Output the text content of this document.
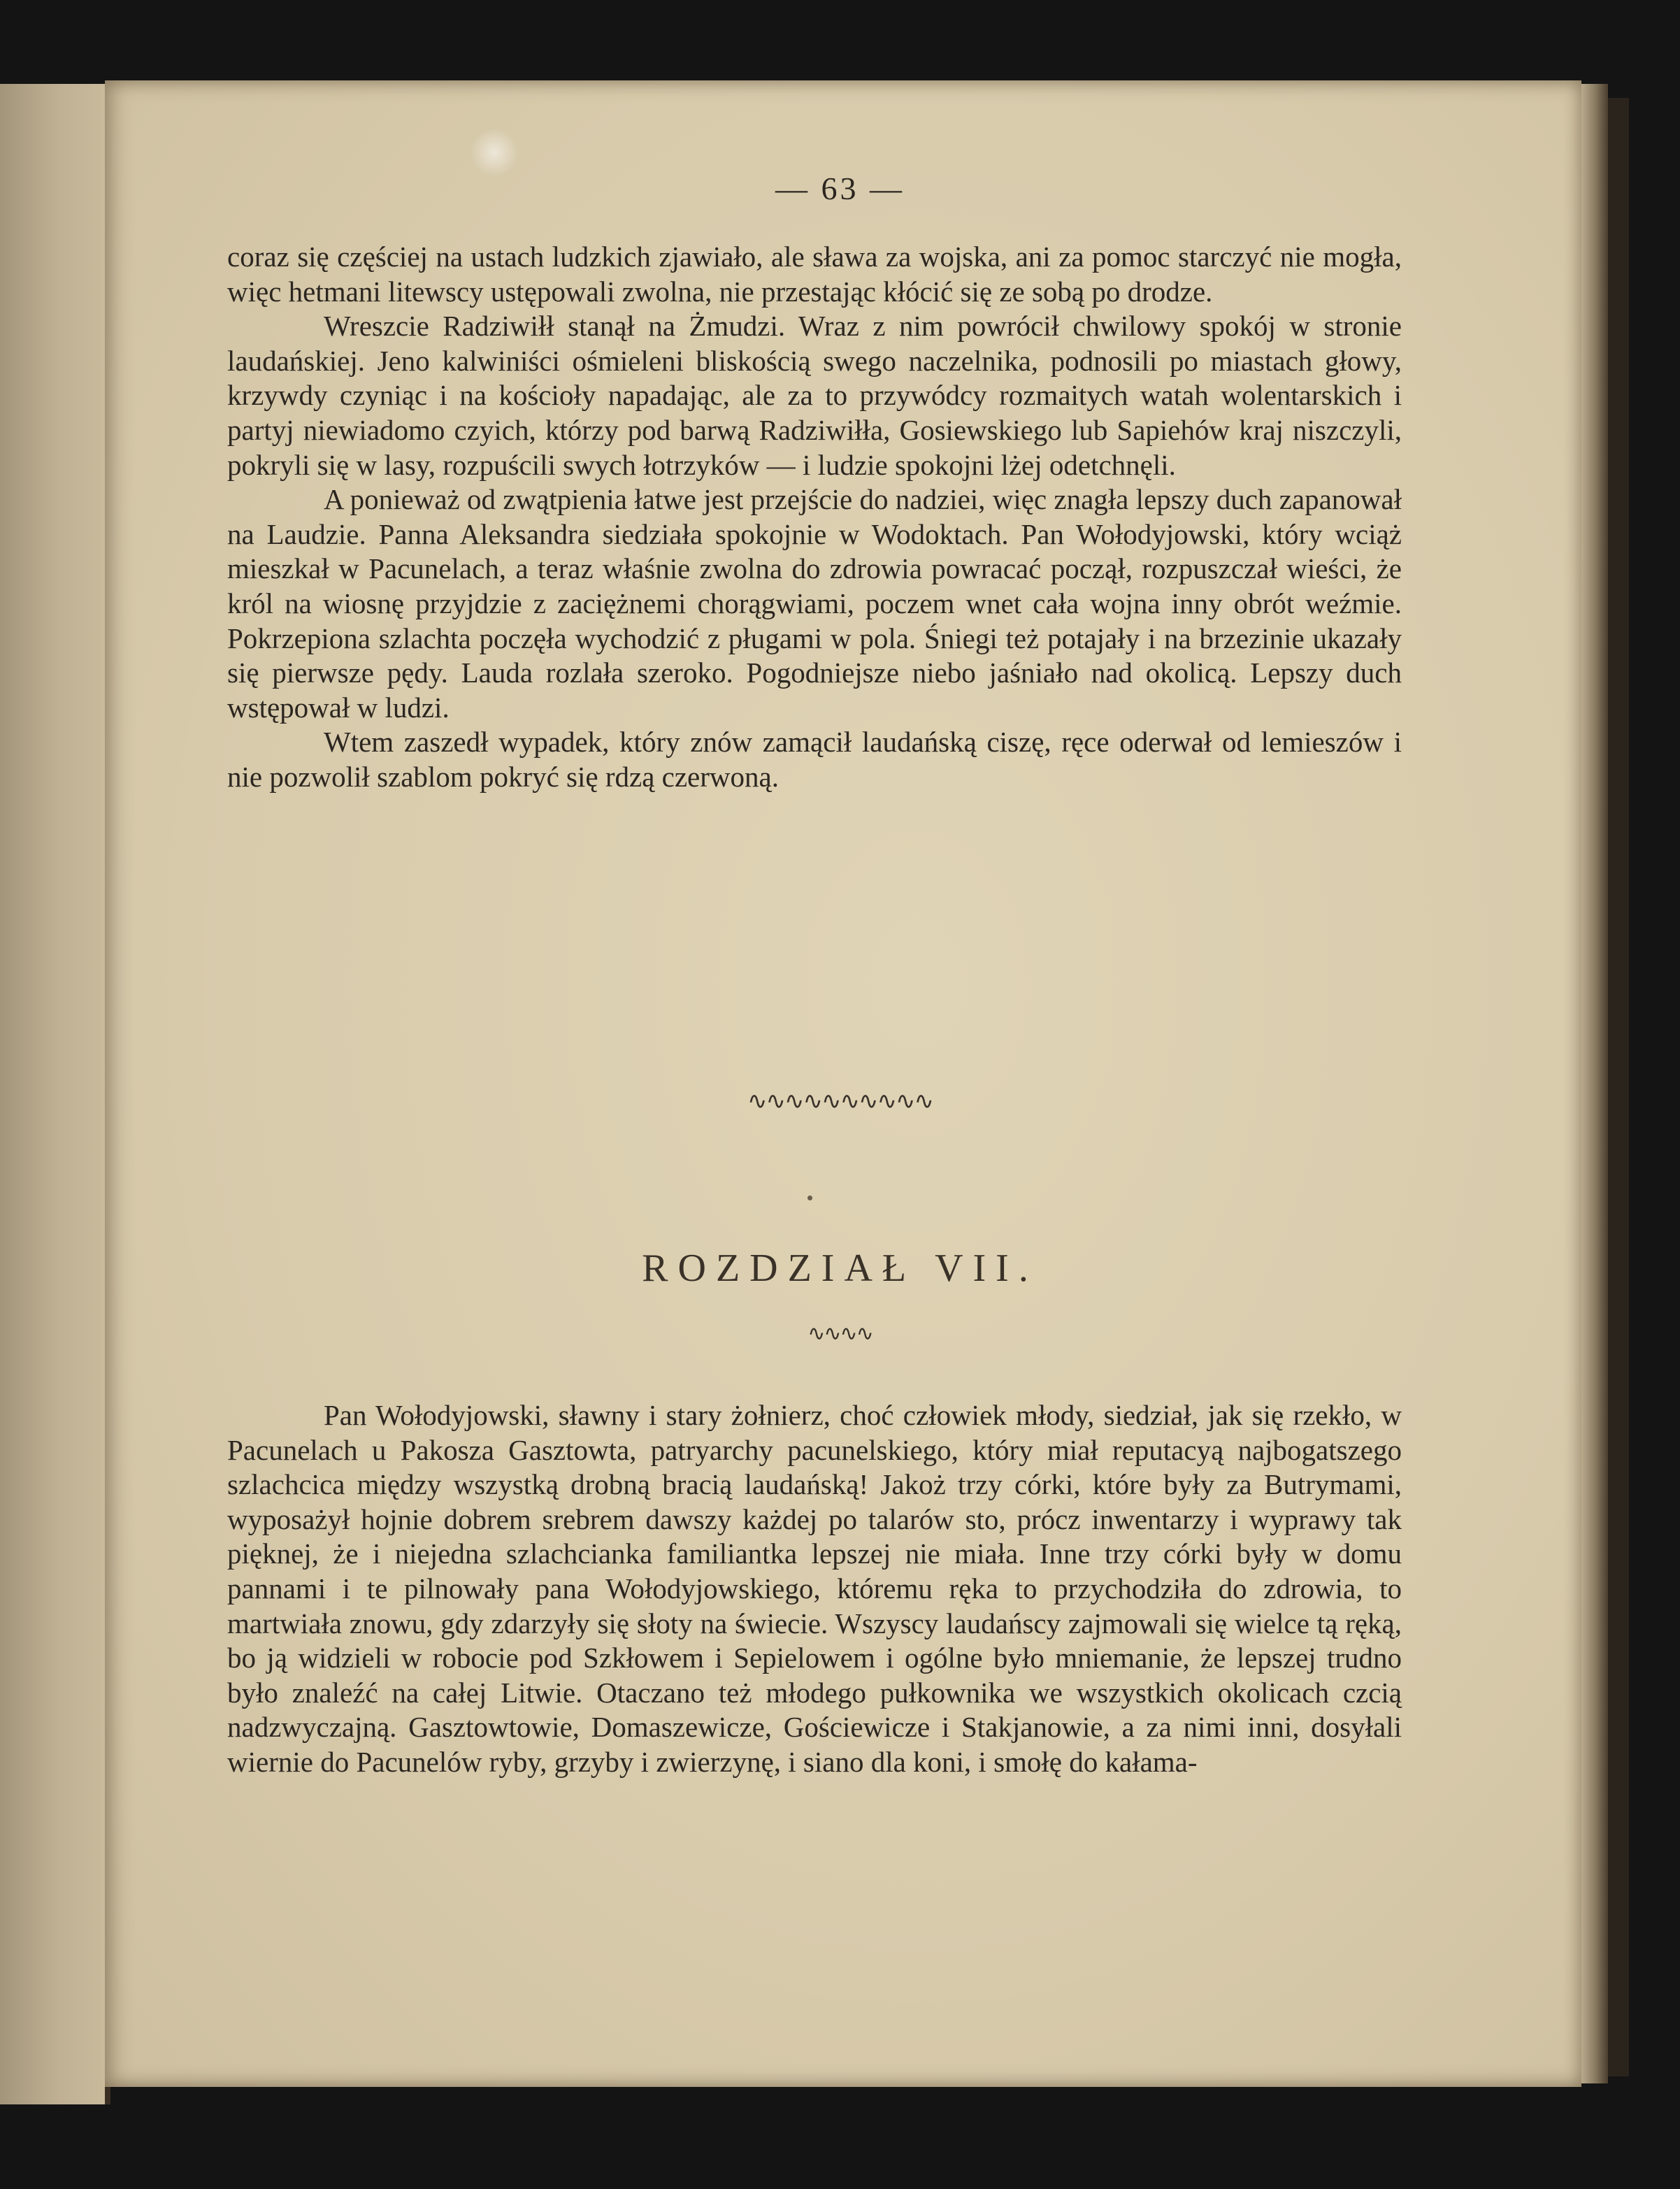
— 63 —

coraz się częściej na ustach ludzkich zjawiało, ale sława za wojska, ani za pomoc starczyć nie mogła, więc hetmani litewscy ustępowali zwolna, nie przestając kłócić się ze sobą po drodze.

Wreszcie Radziwiłł stanął na Żmudzi. Wraz z nim powrócił chwilowy spokój w stronie laudańskiej. Jeno kalwiniści ośmieleni bliskością swego naczelnika, podnosili po miastach głowy, krzywdy czyniąc i na kościoły napadając, ale za to przywódcy rozmaitych watah wolentarskich i partyj niewiadomo czyich, którzy pod barwą Radziwiłła, Gosiewskiego lub Sapiehów kraj niszczyli, pokryli się w lasy, rozpuścili swych łotrzyków — i ludzie spokojni lżej odetchnęli.

A ponieważ od zwątpienia łatwe jest przejście do nadziei, więc znagła lepszy duch zapanował na Laudzie. Panna Aleksandra siedziała spokojnie w Wodoktach. Pan Wołodyjowski, który wciąż mieszkał w Pacunelach, a teraz właśnie zwolna do zdrowia powracać począł, rozpuszczał wieści, że król na wiosnę przyjdzie z zaciężnemi chorągwiami, poczem wnet cała wojna inny obrót weźmie. Pokrzepiona szlachta poczęła wychodzić z pługami w pola. Śniegi też potajały i na brzezinie ukazały się pierwsze pędy. Lauda rozlała szeroko. Pogodniejsze niebo jaśniało nad okolicą. Lepszy duch wstępował w ludzi.

Wtem zaszedł wypadek, który znów zamącił laudańską ciszę, ręce oderwał od lemieszów i nie pozwolił szablom pokryć się rdzą czerwoną.

∿∿∿∿∿∿∿∿∿∿
ROZDZIAŁ VII.
∿∿∿∿

Pan Wołodyjowski, sławny i stary żołnierz, choć człowiek młody, siedział, jak się rzekło, w Pacunelach u Pakosza Gasztowta, patryarchy pacunelskiego, który miał reputacyą najbogatszego szlachcica między wszystką drobną bracią laudańską! Jakoż trzy córki, które były za Butrymami, wyposażył hojnie dobrem srebrem dawszy każdej po talarów sto, prócz inwentarzy i wyprawy tak pięknej, że i niejedna szlachcianka familiantka lepszej nie miała. Inne trzy córki były w domu pannami i te pilnowały pana Wołodyjowskiego, któremu ręka to przychodziła do zdrowia, to martwiała znowu, gdy zdarzyły się słoty na świecie. Wszyscy laudańscy zajmowali się wielce tą ręką, bo ją widzieli w robocie pod Szkłowem i Sepielowem i ogólne było mniemanie, że lepszej trudno było znaleźć na całej Litwie. Otaczano też młodego pułkownika we wszystkich okolicach czcią nadzwyczajną. Gasztowtowie, Domaszewicze, Gościewicze i Stakjanowie, a za nimi inni, dosyłali wiernie do Pacunelów ryby, grzyby i zwierzynę, i siano dla koni, i smołę do kałama-
